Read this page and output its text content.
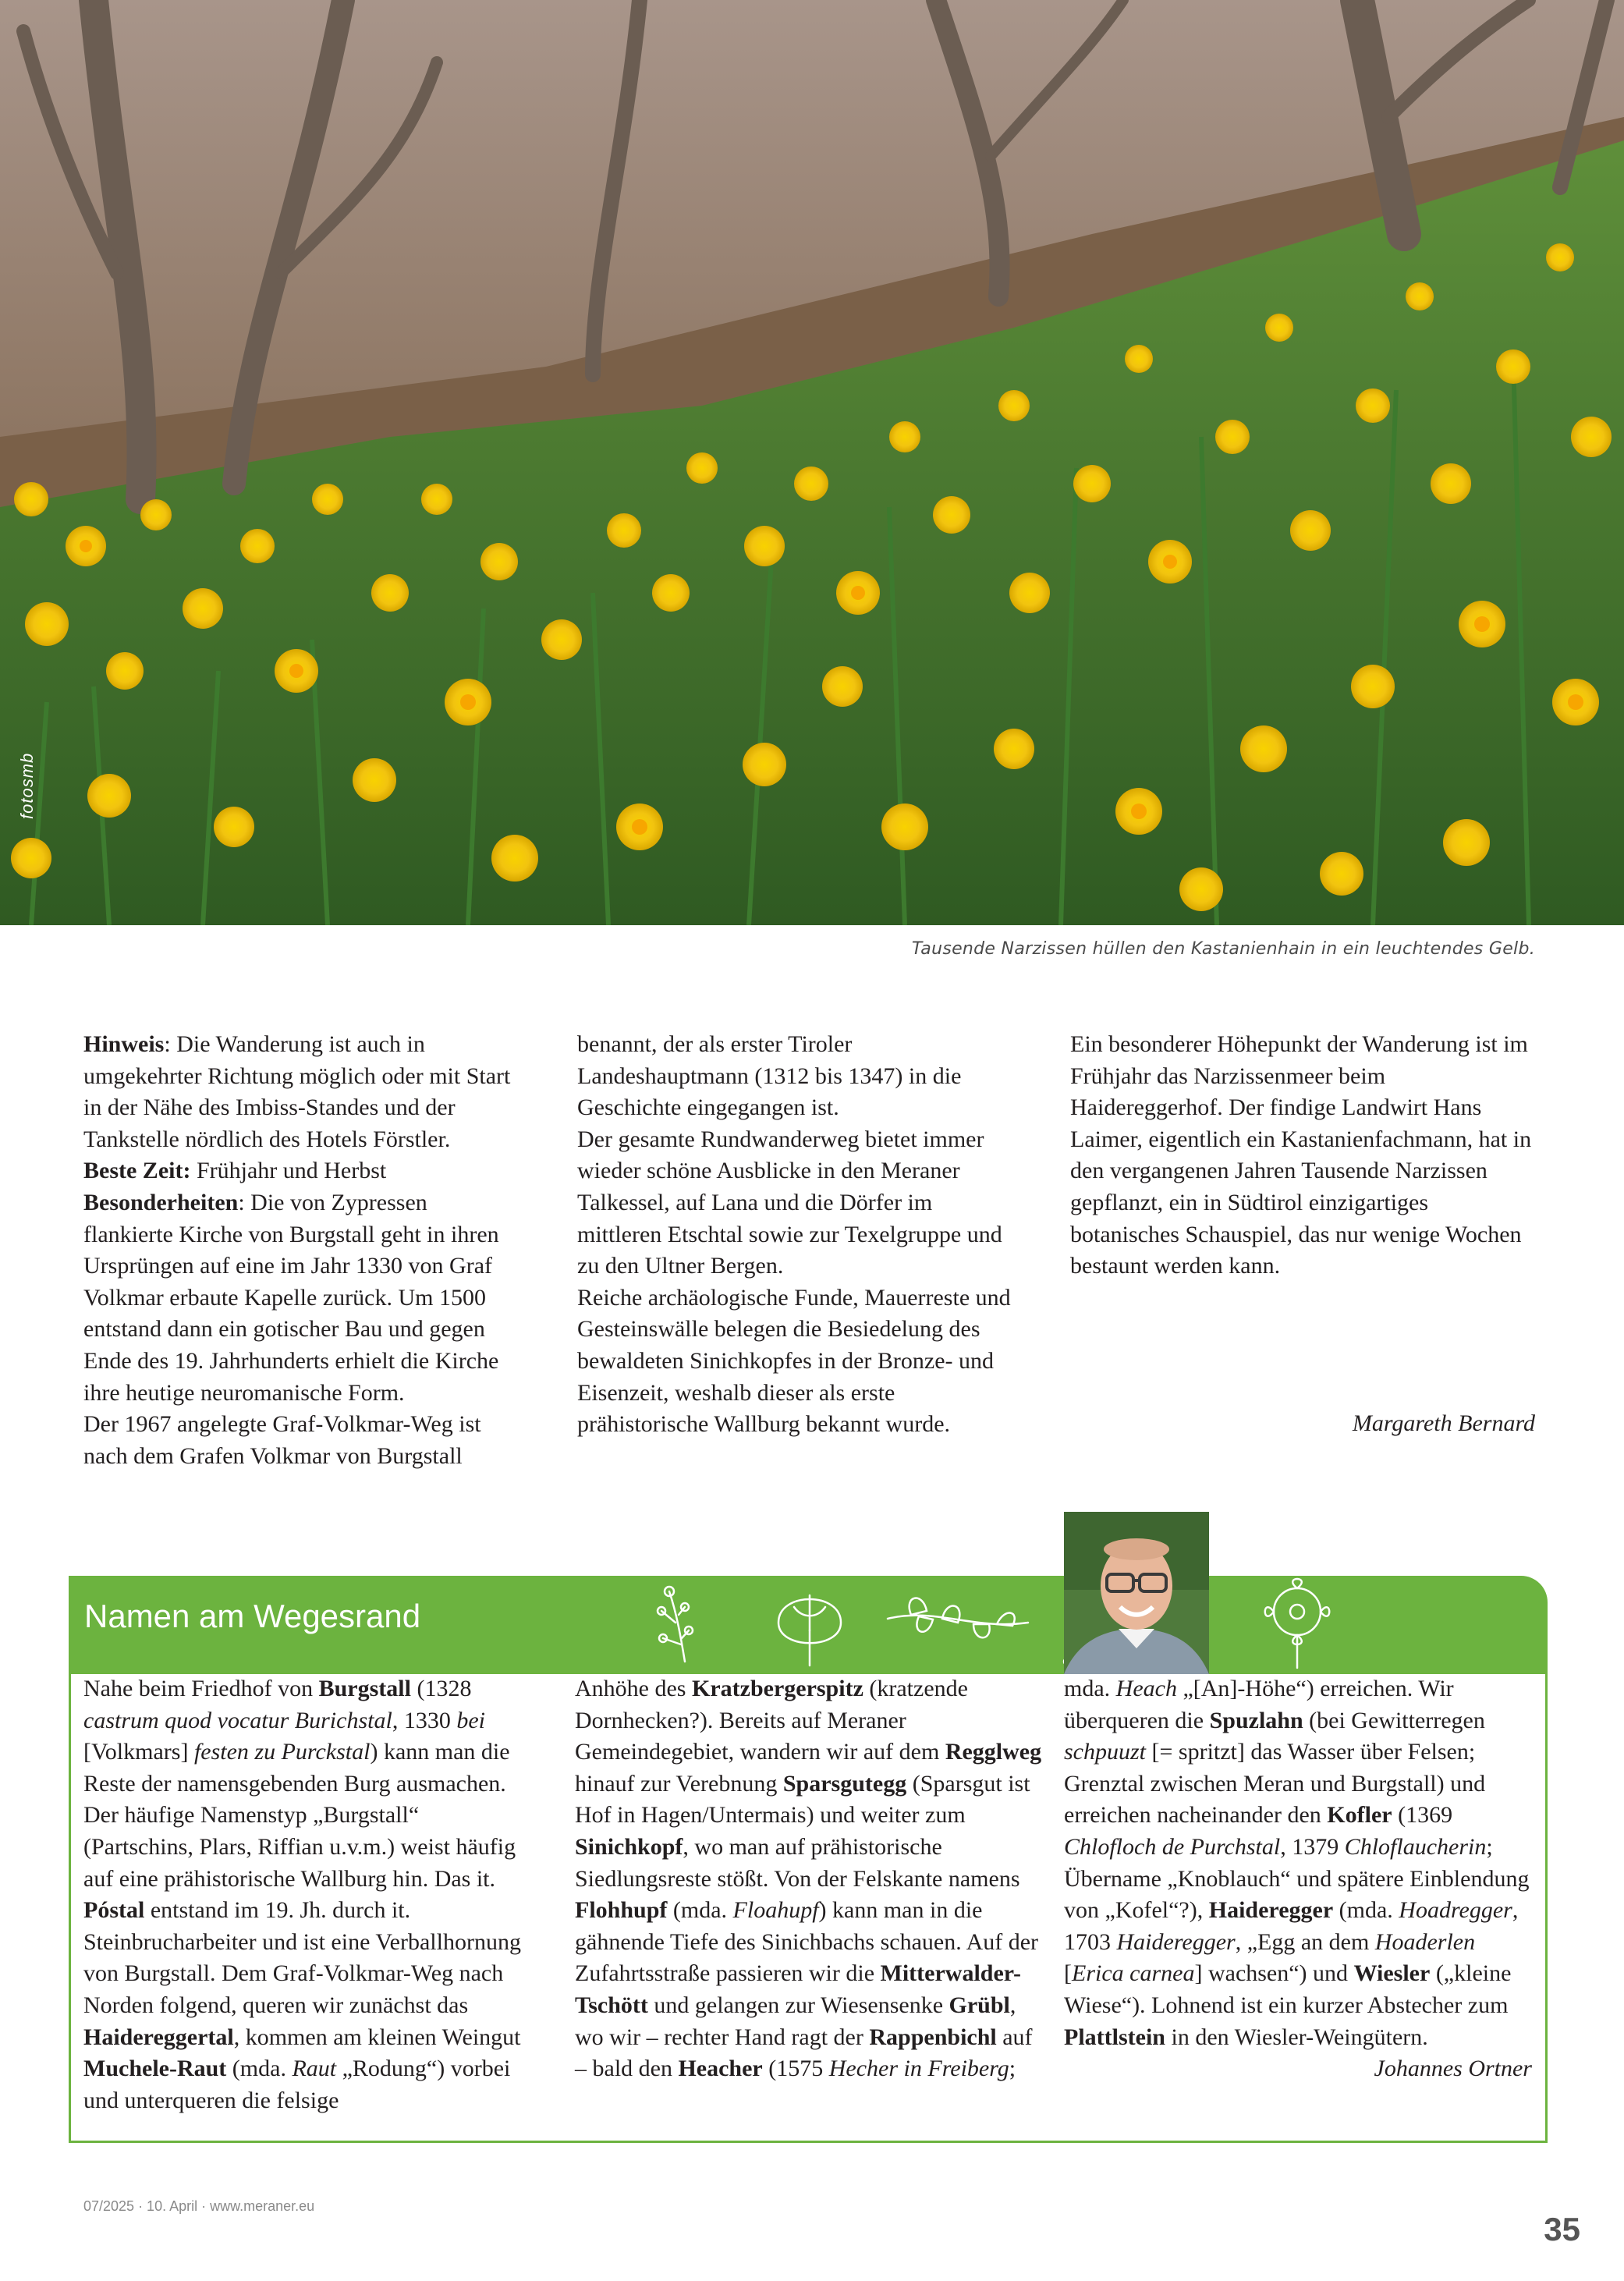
fotosmb
Tausende Narzissen hüllen den Kastanienhain in ein leuchtendes Gelb.

Hinweis: Die Wanderung ist auch in umgekehrter Richtung möglich oder mit Start in der Nähe des Imbiss-Standes und der Tankstelle nördlich des Hotels Förstler.

Beste Zeit: Frühjahr und Herbst

Besonderheiten: Die von Zypressen flankierte Kirche von Burgstall geht in ihren Ursprüngen auf eine im Jahr 1330 von Graf Volkmar erbaute Kapelle zurück. Um 1500 entstand dann ein gotischer Bau und gegen Ende des 19. Jahrhunderts erhielt die Kirche ihre heutige neuromanische Form.

Der 1967 angelegte Graf-Volkmar-Weg ist nach dem Grafen Volkmar von Burgstall

benannt, der als erster Tiroler Landeshauptmann (1312 bis 1347) in die Geschichte eingegangen ist.

Der gesamte Rundwanderweg bietet immer wieder schöne Ausblicke in den Meraner Talkessel, auf Lana und die Dörfer im mittleren Etschtal sowie zur Texelgruppe und zu den Ultner Bergen.

Reiche archäologische Funde, Mauerreste und Gesteinswälle belegen die Besiedelung des bewaldeten Sinichkopfes in der Bronze- und Eisenzeit, weshalb dieser als erste prähistorische Wallburg bekannt wurde.

Ein besonderer Höhepunkt der Wanderung ist im Frühjahr das Narzissenmeer beim Haidereggerhof. Der findige Landwirt Hans Laimer, eigentlich ein Kastanienfachmann, hat in den vergangenen Jahren Tausende Narzissen gepflanzt, ein in Südtirol einzigartiges botanisches Schauspiel, das nur wenige Wochen bestaunt werden kann.

Margareth Bernard
Namen am Wegesrand

Nahe beim Friedhof von Burgstall (1328 castrum quod vocatur Burichstal, 1330 bei [Volkmars] festen zu Purckstal) kann man die Reste der namensgebenden Burg ausmachen. Der häufige Namenstyp „Burgstall“ (Partschins, Plars, Riffian u.v.m.) weist häufig auf eine prähistorische Wallburg hin. Das it. Póstal entstand im 19. Jh. durch it. Steinbrucharbeiter und ist eine Verballhornung von Burgstall. Dem Graf-Volkmar-Weg nach Norden folgend, queren wir zunächst das Haidereggertal, kommen am kleinen Weingut Muchele-Raut (mda. Raut „Rodung“) vorbei und unterqueren die felsige

Anhöhe des Kratzbergerspitz (kratzende Dornhecken?). Bereits auf Meraner Gemeindegebiet, wandern wir auf dem Regglweg hinauf zur Verebnung Sparsgutegg (Sparsgut ist Hof in Hagen/Untermais) und weiter zum Sinichkopf, wo man auf prähistorische Siedlungsreste stößt. Von der Felskante namens Flohhupf (mda. Floahupf) kann man in die gähnende Tiefe des Sinichbachs schauen. Auf der Zufahrtsstraße passieren wir die Mitterwalder-Tschött und gelangen zur Wiesensenke Grübl, wo wir – rechter Hand ragt der Rappenbichl auf – bald den Heacher (1575 Hecher in Freiberg;

mda. Heach „[An]-Höhe“) erreichen. Wir überqueren die Spuzlahn (bei Gewitterregen schpuuzt [= spritzt] das Wasser über Felsen; Grenztal zwischen Meran und Burgstall) und erreichen nacheinander den Kofler (1369 Chlofloch de Purchstal, 1379 Chloflaucherin; Übername „Knoblauch“ und spätere Einblendung von „Kofel“?), Haideregger (mda. Hoadregger, 1703 Haideregger, „Egg an dem Hoaderlen [Erica carnea] wachsen“) und Wiesler („kleine Wiese“). Lohnend ist ein kurzer Abstecher zum Plattlstein in den Wiesler-Weingütern.

Johannes Ortner
07/2025 · 10. April · www.meraner.eu
35
